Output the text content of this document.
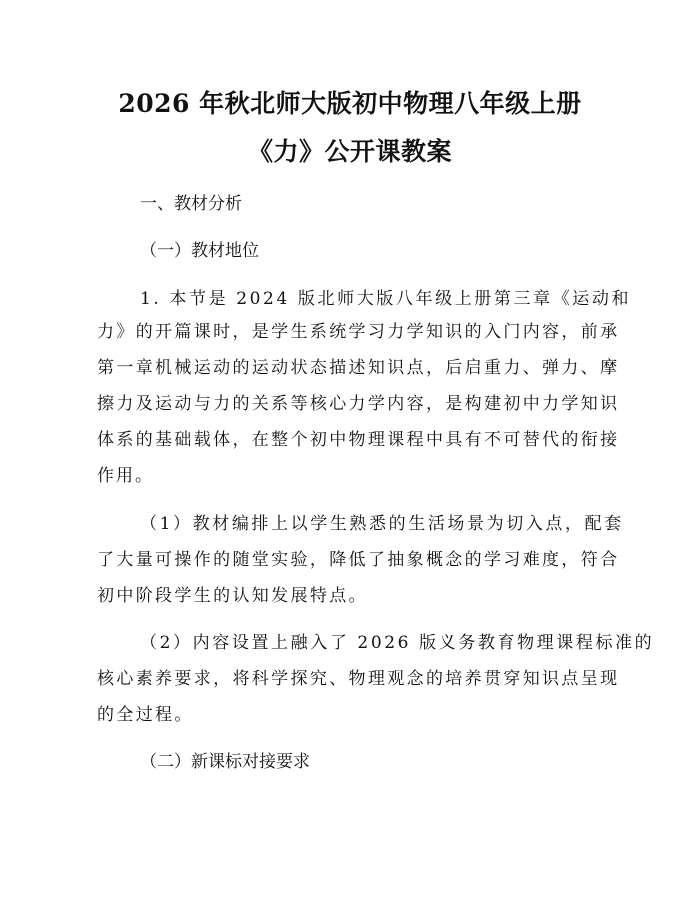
2026 年秋北师大版初中物理八年级上册
《力》公开课教案
一、教材分析
（一）教材地位
1. 本节是 2024 版北师大版八年级上册第三章《运动和
力》的开篇课时，是学生系统学习力学知识的入门内容，前承
第一章机械运动的运动状态描述知识点，后启重力、弹力、摩
擦力及运动与力的关系等核心力学内容，是构建初中力学知识
体系的基础载体，在整个初中物理课程中具有不可替代的衔接
作用。
（1）教材编排上以学生熟悉的生活场景为切入点，配套
了大量可操作的随堂实验，降低了抽象概念的学习难度，符合
初中阶段学生的认知发展特点。
（2）内容设置上融入了 2026 版义务教育物理课程标准的
核心素养要求，将科学探究、物理观念的培养贯穿知识点呈现
的全过程。
（二）新课标对接要求
